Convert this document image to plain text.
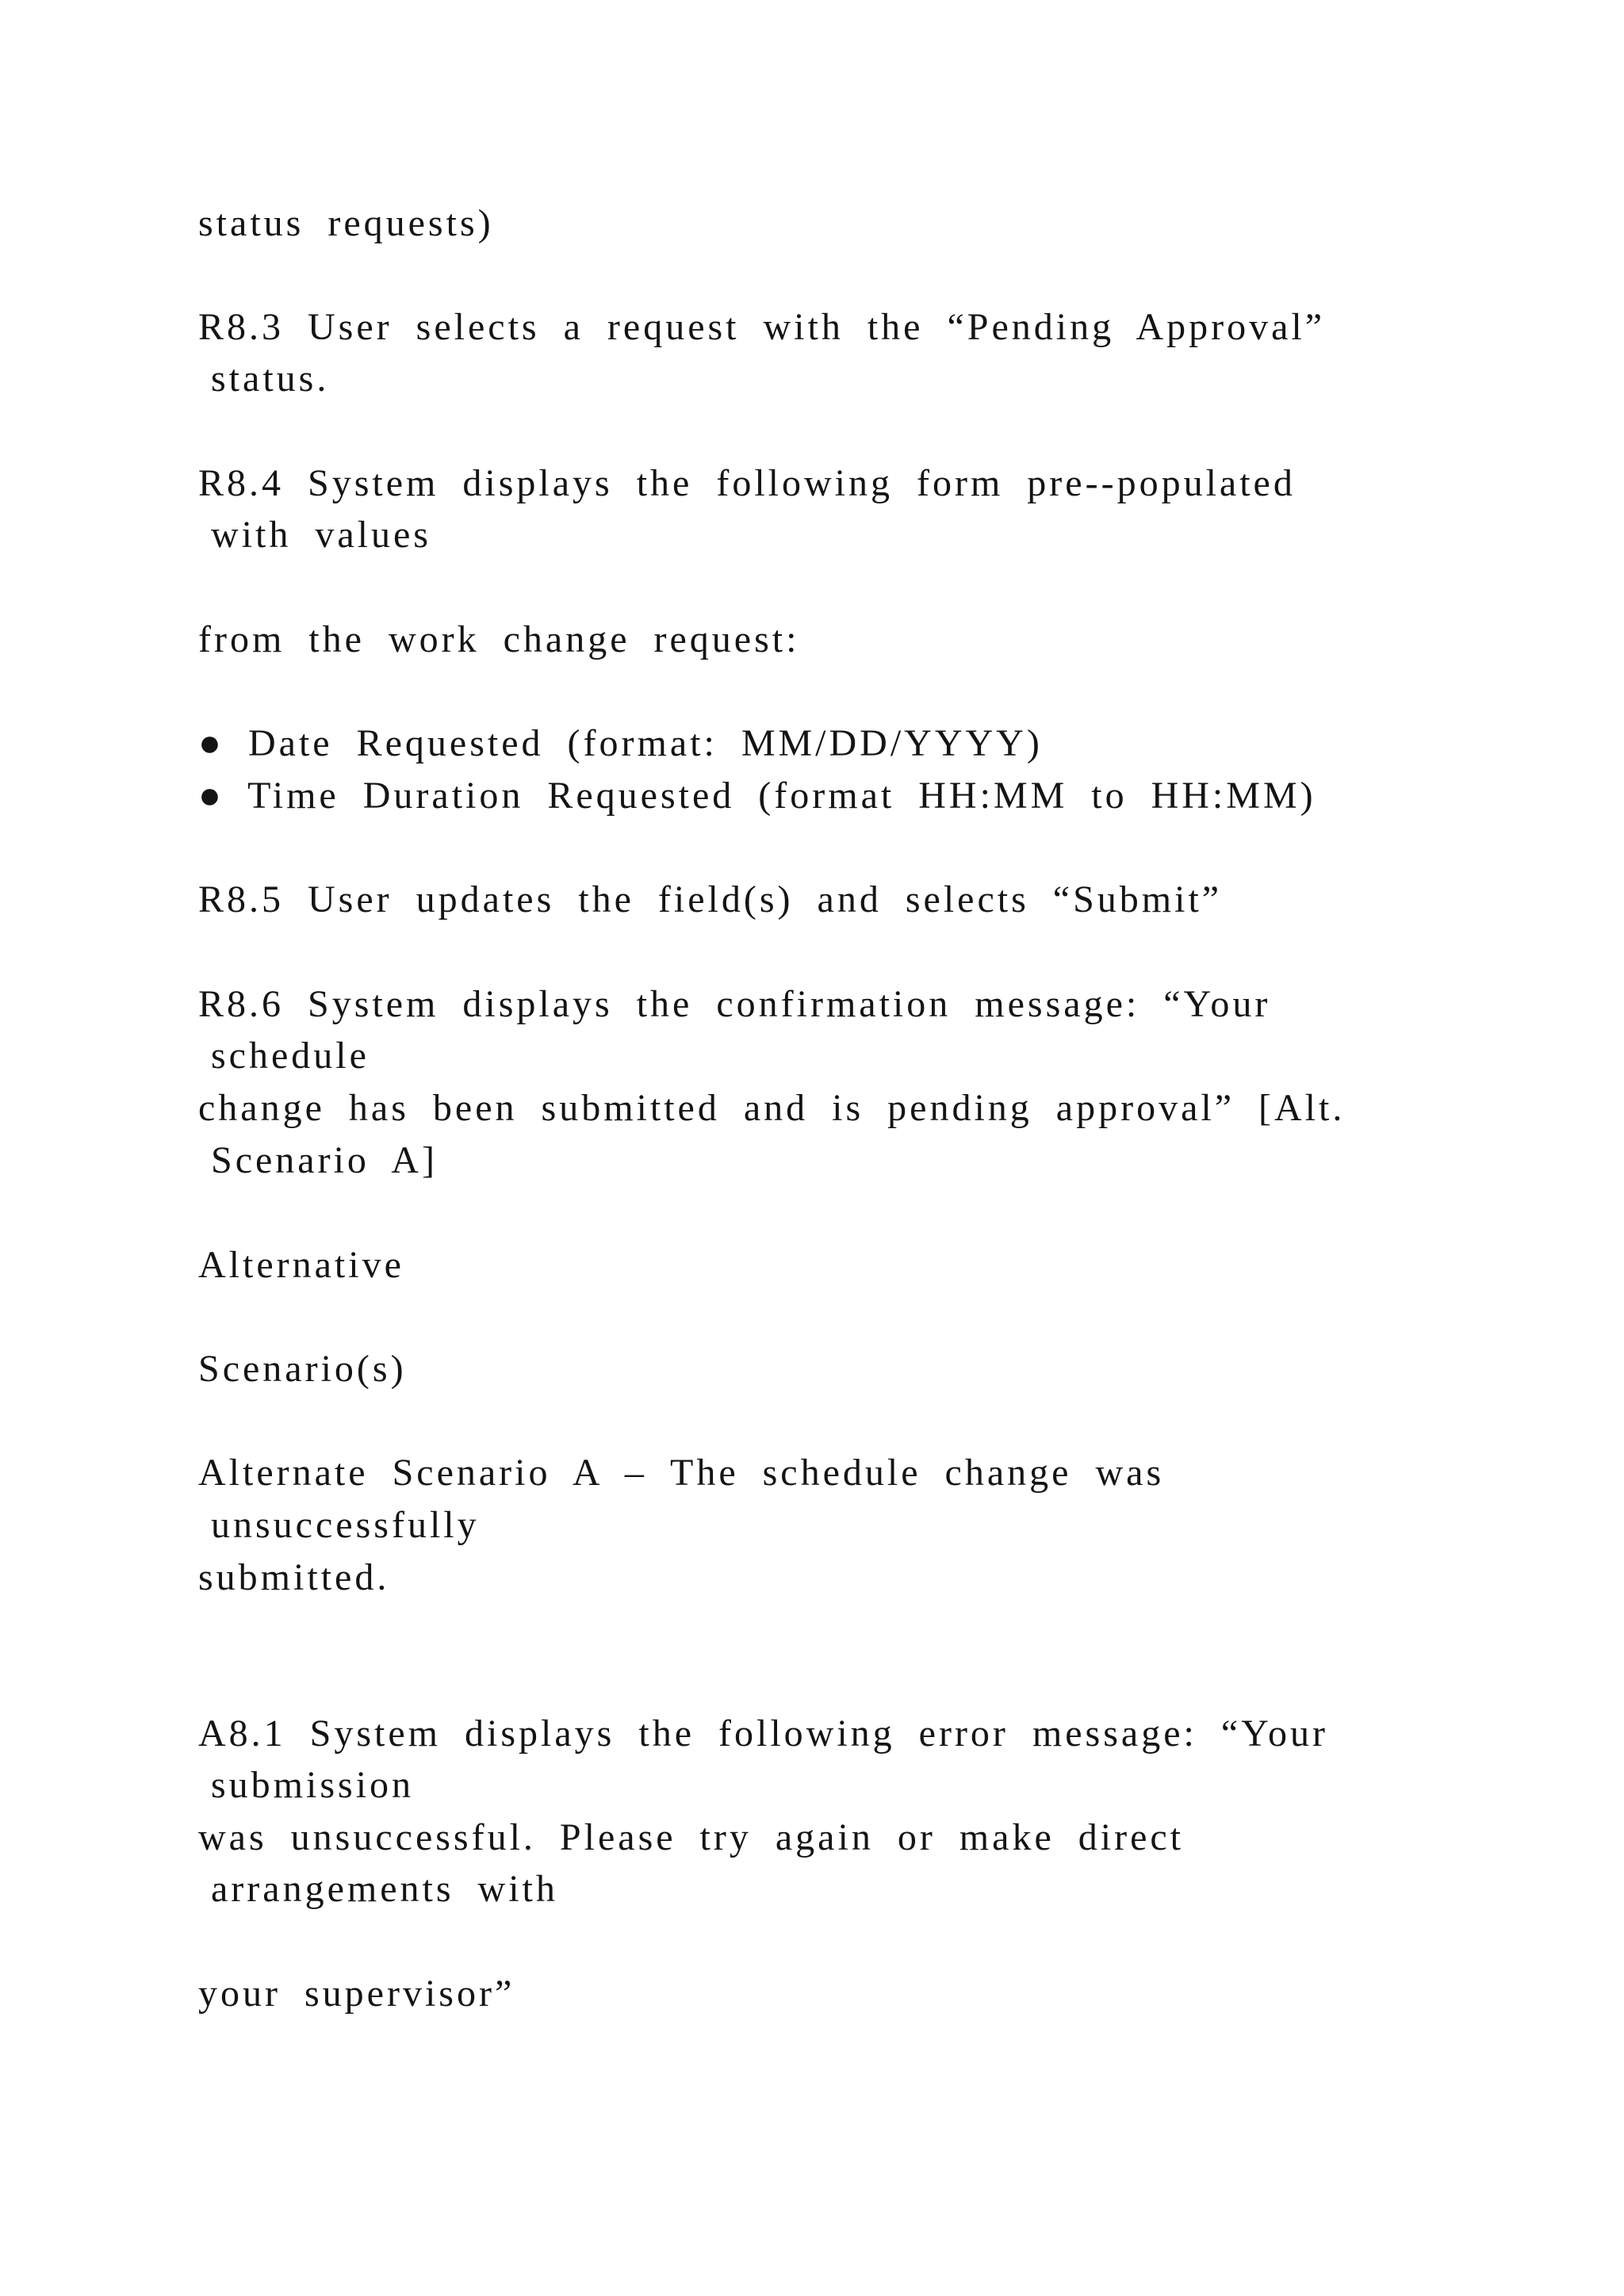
status requests)

R8.3 User selects a request with the “Pending Approval”

status.

R8.4 System displays the following form pre--populated

with values

from the work change request:

● Date Requested (format: MM/DD/YYYY)

● Time Duration Requested (format HH:MM to HH:MM)

R8.5 User updates the field(s) and selects “Submit”

R8.6 System displays the confirmation message: “Your

schedule

change has been submitted and is pending approval” [Alt.

Scenario A]

Alternative

Scenario(s)

Alternate Scenario A – The schedule change was

unsuccessfully

submitted.

A8.1 System displays the following error message: “Your

submission

was unsuccessful. Please try again or make direct

arrangements with

your supervisor”
